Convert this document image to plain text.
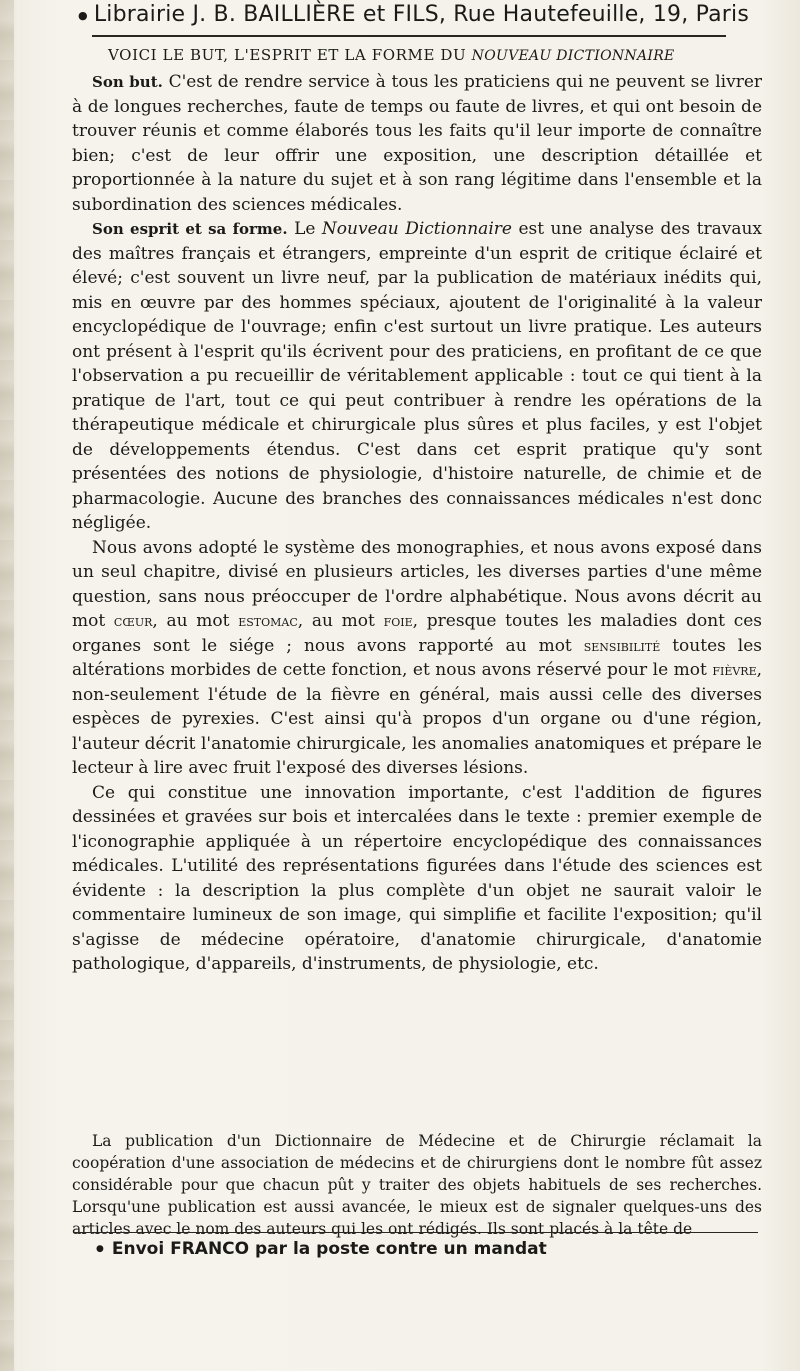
● Librairie J. B. BAILLIÈRE et FILS, Rue Hautefeuille, 19, Paris
VOICI LE BUT, L'ESPRIT ET LA FORME DU NOUVEAU DICTIONNAIRE

Son but. C'est de rendre service à tous les praticiens qui ne peuvent se livrer à de longues recherches, faute de temps ou faute de livres, et qui ont besoin de trouver réunis et comme élaborés tous les faits qu'il leur importe de connaître bien; c'est de leur offrir une exposition, une description détaillée et proportionnée à la nature du sujet et à son rang légitime dans l'ensemble et la subordination des sciences médicales.

Son esprit et sa forme. Le Nouveau Dictionnaire est une analyse des travaux des maîtres français et étrangers, empreinte d'un esprit de critique éclairé et élevé; c'est souvent un livre neuf, par la publication de matériaux inédits qui, mis en œuvre par des hommes spéciaux, ajoutent de l'originalité à la valeur encyclopédique de l'ouvrage; enfin c'est surtout un livre pratique. Les auteurs ont présent à l'esprit qu'ils écrivent pour des praticiens, en profitant de ce que l'observation a pu recueillir de véritablement applicable : tout ce qui tient à la pratique de l'art, tout ce qui peut contribuer à rendre les opérations de la thérapeutique médicale et chirurgicale plus sûres et plus faciles, y est l'objet de développements étendus. C'est dans cet esprit pratique qu'y sont présentées des notions de physiologie, d'histoire naturelle, de chimie et de pharmacologie. Aucune des branches des connaissances médicales n'est donc négligée.

Nous avons adopté le système des monographies, et nous avons exposé dans un seul chapitre, divisé en plusieurs articles, les diverses parties d'une même question, sans nous préoccuper de l'ordre alphabétique. Nous avons décrit au mot cœur, au mot estomac, au mot foie, presque toutes les maladies dont ces organes sont le siége ; nous avons rapporté au mot sensibilité toutes les altérations morbides de cette fonction, et nous avons réservé pour le mot fièvre, non-seulement l'étude de la fièvre en général, mais aussi celle des diverses espèces de pyrexies. C'est ainsi qu'à propos d'un organe ou d'une région, l'auteur décrit l'anatomie chirurgicale, les anomalies anatomiques et prépare le lecteur à lire avec fruit l'exposé des diverses lésions.

Ce qui constitue une innovation importante, c'est l'addition de figures dessinées et gravées sur bois et intercalées dans le texte : premier exemple de l'iconographie appliquée à un répertoire encyclopédique des connaissances médicales. L'utilité des représentations figurées dans l'étude des sciences est évidente : la description la plus complète d'un objet ne saurait valoir le commentaire lumineux de son image, qui simplifie et facilite l'exposition; qu'il s'agisse de médecine opératoire, d'anatomie chirurgicale, d'anatomie pathologique, d'appareils, d'instruments, de physiologie, etc.

La publication d'un Dictionnaire de Médecine et de Chirurgie réclamait la coopération d'une association de médecins et de chirurgiens dont le nombre fût assez considérable pour que chacun pût y traiter des objets habituels de ses recherches. Lorsqu'une publication est aussi avancée, le mieux est de signaler quelques-uns des articles avec le nom des auteurs qui les ont rédigés. Ils sont placés à la tête de

● Envoi FRANCO par la poste contre un mandat
